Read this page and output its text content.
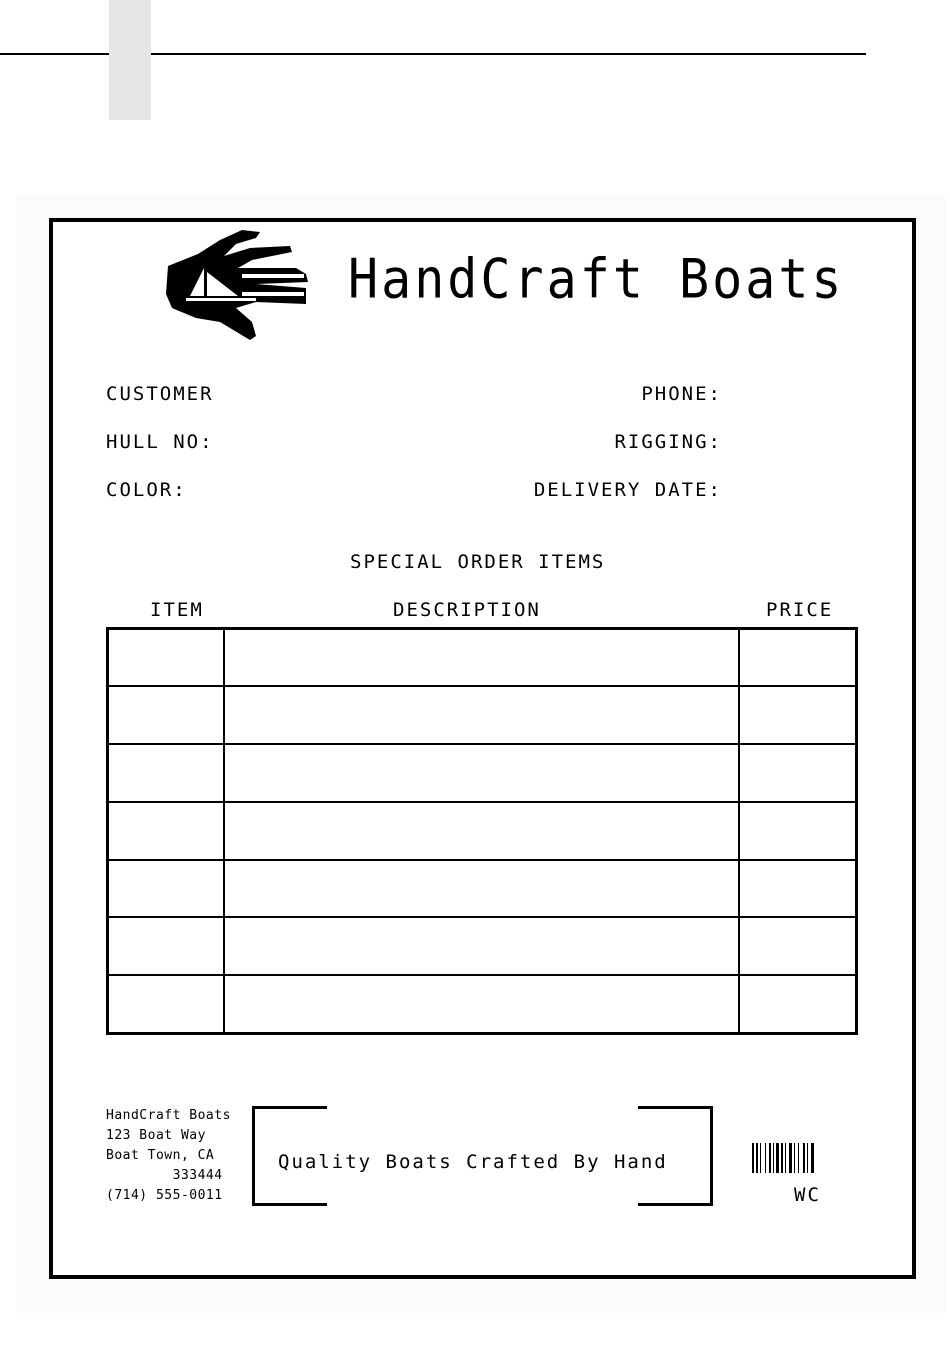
HandCraft Boats
CUSTOMER	PHONE:
HULL NO:	RIGGING:
COLOR:	DELIVERY DATE:
SPECIAL ORDER ITEMS
ITEM	DESCRIPTION	PRICE

HandCraft Boats
123 Boat Way
Boat Town, CA
333444
(714) 555-0011
Quality Boats Crafted By Hand
WC
